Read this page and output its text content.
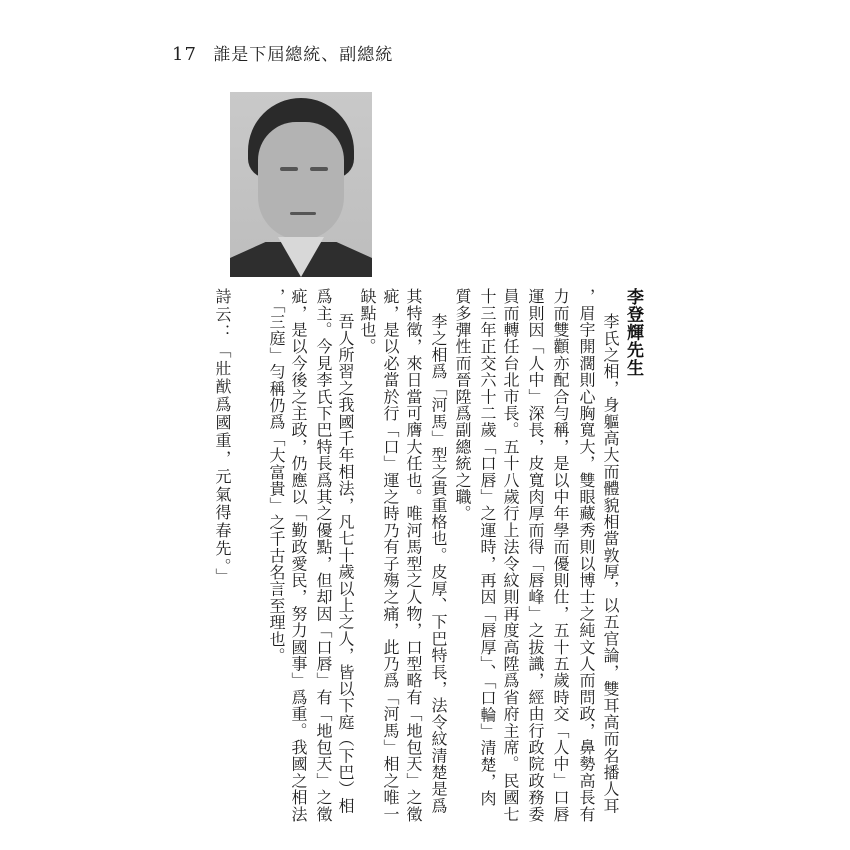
17 誰是下屆總統、副總統
李登輝先生
李氏之相，身軀高大而體貌相當敦厚，以五官論，雙耳高而名播人耳
，眉宇開濶則心胸寬大，雙眼藏秀則以博士之純文人而問政，鼻勢高長有
力而雙顴亦配合勻稱，是以中年學而優則仕，五十五歲時交「人中」口唇
運則因「人中」深長，皮寬肉厚而得「唇峰」之拔識，經由行政院政務委
員而轉任台北市長。五十八歲行上法令紋則再度高陞爲省府主席。民國七
十三年正交六十二歲「口唇」之運時，再因「唇厚」、「口輪」清楚，肉
質多彈性而晉陞爲副總統之職。
李之相爲「河馬」型之貴重格也。皮厚、下巴特長，法令紋清楚是爲
其特徵，來日當可膺大任也。唯河馬型之人物，口型略有「地包天」之徵
疵，是以必當於行「口」運之時乃有子殤之痛，此乃爲「河馬」相之唯一
缺點也。
吾人所習之我國千年相法，凡七十歲以上之人，皆以下庭（下巴）相
爲主。今見李氏下巴特長爲其之優點，但却因「口唇」有「地包天」之徵
疵，是以今後之主政，仍應以「勤政愛民，努力國事」爲重。我國之相法
，「三庭」勻稱仍爲「大富貴」之千古名言至理也。
詩云：「壯猷爲國重，元氣得春先。」
